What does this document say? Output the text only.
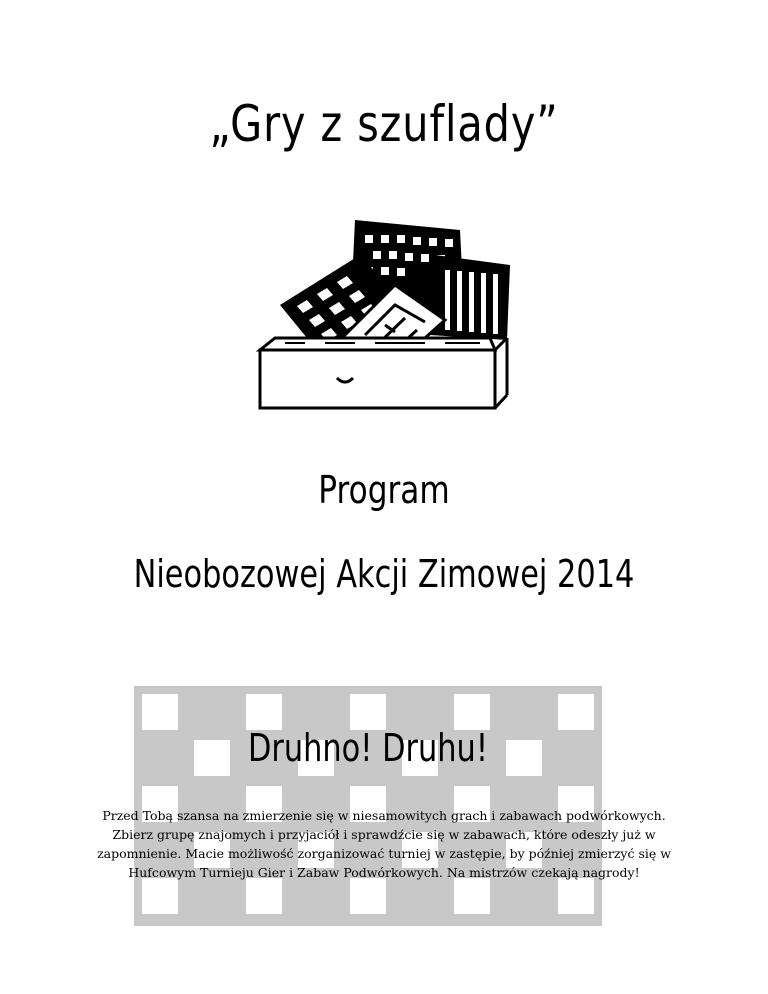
„Gry z szuflady”
Program
Nieobozowej Akcji Zimowej 2014
Druhno! Druhu!
Przed Tobą szansa na zmierzenie się w niesamowitych grach i zabawach podwórkowych. Zbierz grupę znajomych i przyjaciół i sprawdźcie się w zabawach, które odeszły już w zapomnienie. Macie możliwość zorganizować turniej w zastępie, by później zmierzyć się w Hufcowym Turnieju Gier i Zabaw Podwórkowych. Na mistrzów czekają nagrody!
